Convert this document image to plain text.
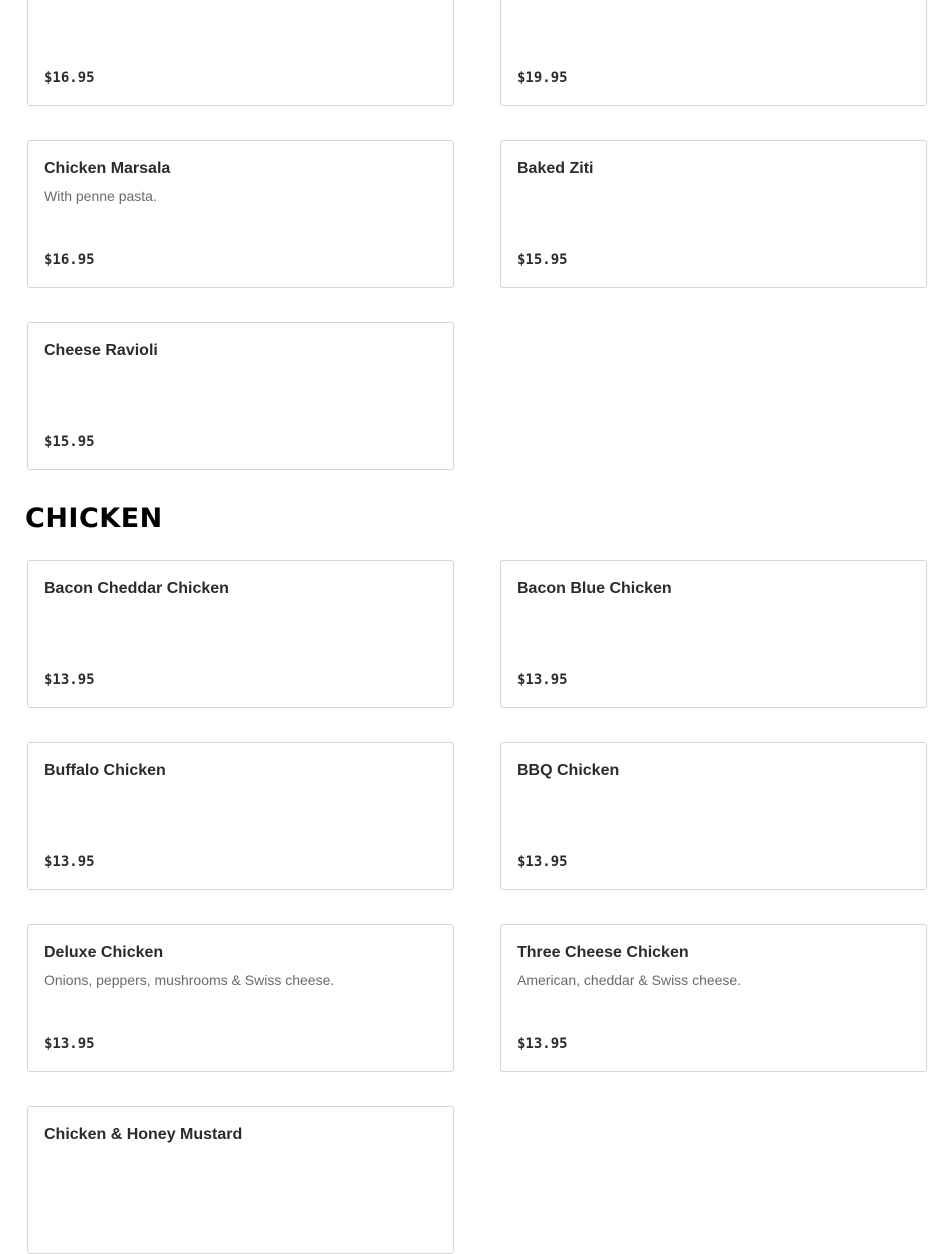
$16.95	$19.95
Chicken Marsala
With penne pasta.
$16.95
Baked Ziti
$15.95
Cheese Ravioli
$15.95
CHICKEN
Bacon Cheddar Chicken
$13.95
Bacon Blue Chicken
$13.95
Buffalo Chicken
$13.95
BBQ Chicken
$13.95
Deluxe Chicken
Onions, peppers, mushrooms & Swiss cheese.
$13.95
Three Cheese Chicken
American, cheddar & Swiss cheese.
$13.95
Chicken & Honey Mustard
